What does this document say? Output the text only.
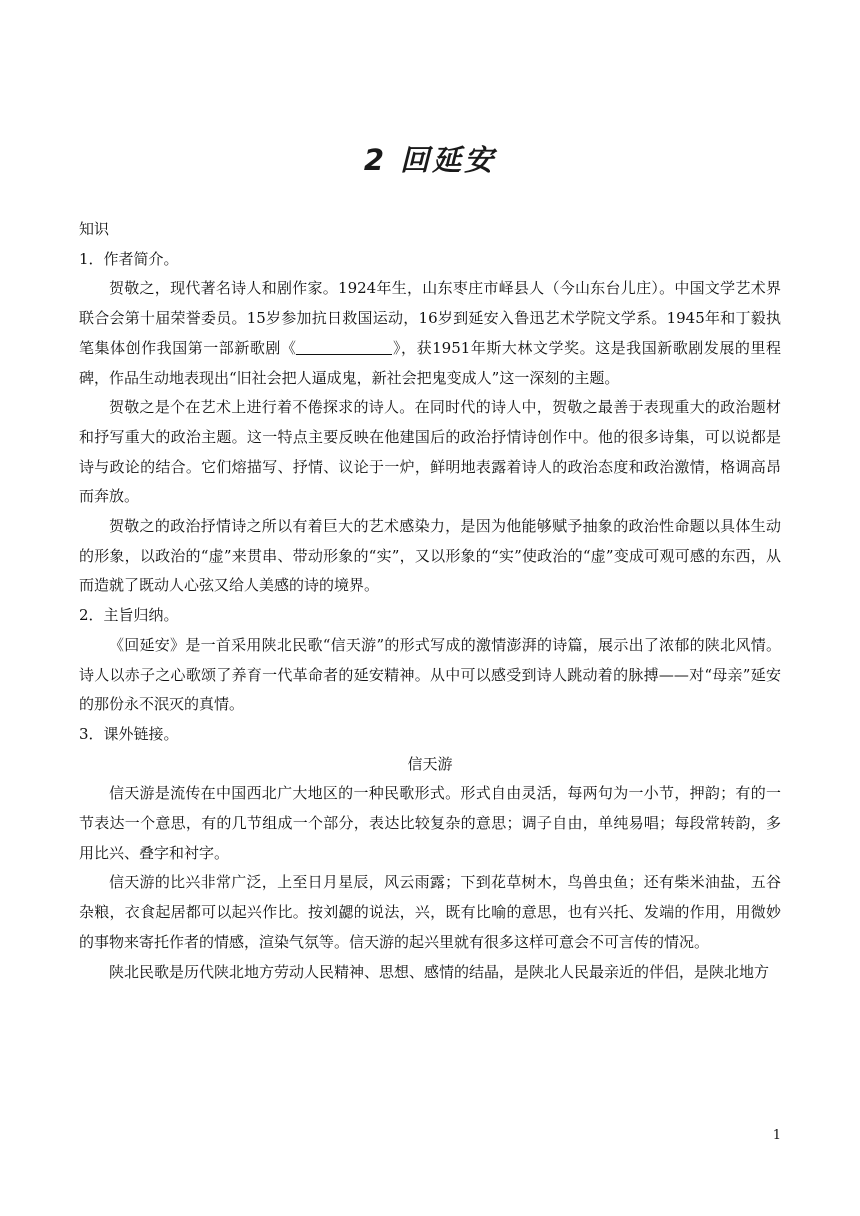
2 回延安
知识
1．作者简介。

贺敬之，现代著名诗人和剧作家。1924年生，山东枣庄市峄县人（今山东台儿庄）。中国文学艺术界联合会第十届荣誉委员。15岁参加抗日救国运动，16岁到延安入鲁迅艺术学院文学系。1945年和丁毅执笔集体创作我国第一部新歌剧《	》，获1951年斯大林文学奖。这是我国新歌剧发展的里程碑，作品生动地表现出“旧社会把人逼成鬼，新社会把鬼变成人”这一深刻的主题。

贺敬之是个在艺术上进行着不倦探求的诗人。在同时代的诗人中，贺敬之最善于表现重大的政治题材和抒写重大的政治主题。这一特点主要反映在他建国后的政治抒情诗创作中。他的很多诗集，可以说都是诗与政论的结合。它们熔描写、抒情、议论于一炉，鲜明地表露着诗人的政治态度和政治激情，格调高昂而奔放。

贺敬之的政治抒情诗之所以有着巨大的艺术感染力，是因为他能够赋予抽象的政治性命题以具体生动的形象，以政治的“虚”来贯串、带动形象的“实”，又以形象的“实”使政治的“虚”变成可观可感的东西，从而造就了既动人心弦又给人美感的诗的境界。

2．主旨归纳。

《回延安》是一首采用陕北民歌“信天游”的形式写成的激情澎湃的诗篇，展示出了浓郁的陕北风情。诗人以赤子之心歌颂了养育一代革命者的延安精神。从中可以感受到诗人跳动着的脉搏——对“母亲”延安的那份永不泯灭的真情。

3．课外链接。
信天游

信天游是流传在中国西北广大地区的一种民歌形式。形式自由灵活，每两句为一小节，押韵；有的一节表达一个意思，有的几节组成一个部分，表达比较复杂的意思；调子自由，单纯易唱；每段常转韵，多用比兴、叠字和衬字。

信天游的比兴非常广泛，上至日月星辰，风云雨露；下到花草树木，鸟兽虫鱼；还有柴米油盐，五谷杂粮，衣食起居都可以起兴作比。按刘勰的说法，兴，既有比喻的意思，也有兴托、发端的作用，用微妙的事物来寄托作者的情感，渲染气氛等。信天游的起兴里就有很多这样可意会不可言传的情况。

陕北民歌是历代陕北地方劳动人民精神、思想、感情的结晶，是陕北人民最亲近的伴侣，是陕北地方

1
